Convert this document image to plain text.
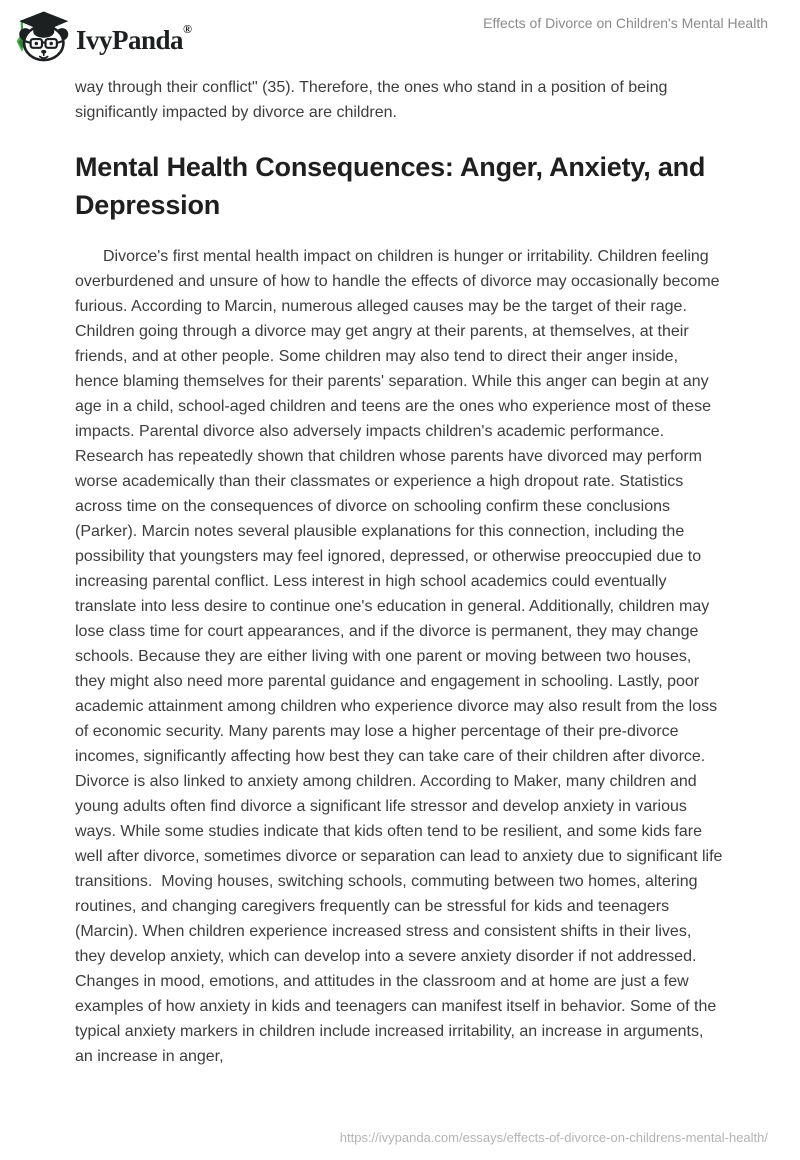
IvyPanda®	Effects of Divorce on Children's Mental Health

way through their conflict" (35). Therefore, the ones who stand in a position of being significantly impacted by divorce are children.

Mental Health Consequences: Anger, Anxiety, and Depression

Divorce's first mental health impact on children is hunger or irritability. Children feeling overburdened and unsure of how to handle the effects of divorce may occasionally become furious. According to Marcin, numerous alleged causes may be the target of their rage.  Children going through a divorce may get angry at their parents, at themselves, at their friends, and at other people. Some children may also tend to direct their anger inside, hence blaming themselves for their parents' separation. While this anger can begin at any age in a child, school-aged children and teens are the ones who experience most of these impacts. Parental divorce also adversely impacts children's academic performance. Research has repeatedly shown that children whose parents have divorced may perform worse academically than their classmates or experience a high dropout rate. Statistics across time on the consequences of divorce on schooling confirm these conclusions (Parker). Marcin notes several plausible explanations for this connection, including the possibility that youngsters may feel ignored, depressed, or otherwise preoccupied due to increasing parental conflict. Less interest in high school academics could eventually translate into less desire to continue one's education in general. Additionally, children may lose class time for court appearances, and if the divorce is permanent, they may change schools. Because they are either living with one parent or moving between two houses, they might also need more parental guidance and engagement in schooling. Lastly, poor academic attainment among children who experience divorce may also result from the loss of economic security. Many parents may lose a higher percentage of their pre-divorce incomes, significantly affecting how best they can take care of their children after divorce. Divorce is also linked to anxiety among children. According to Maker, many children and young adults often find divorce a significant life stressor and develop anxiety in various ways. While some studies indicate that kids often tend to be resilient, and some kids fare well after divorce, sometimes divorce or separation can lead to anxiety due to significant life transitions.  Moving houses, switching schools, commuting between two homes, altering routines, and changing caregivers frequently can be stressful for kids and teenagers (Marcin). When children experience increased stress and consistent shifts in their lives, they develop anxiety, which can develop into a severe anxiety disorder if not addressed. Changes in mood, emotions, and attitudes in the classroom and at home are just a few examples of how anxiety in kids and teenagers can manifest itself in behavior. Some of the typical anxiety markers in children include increased irritability, an increase in arguments, an increase in anger,

https://ivypanda.com/essays/effects-of-divorce-on-childrens-mental-health/
